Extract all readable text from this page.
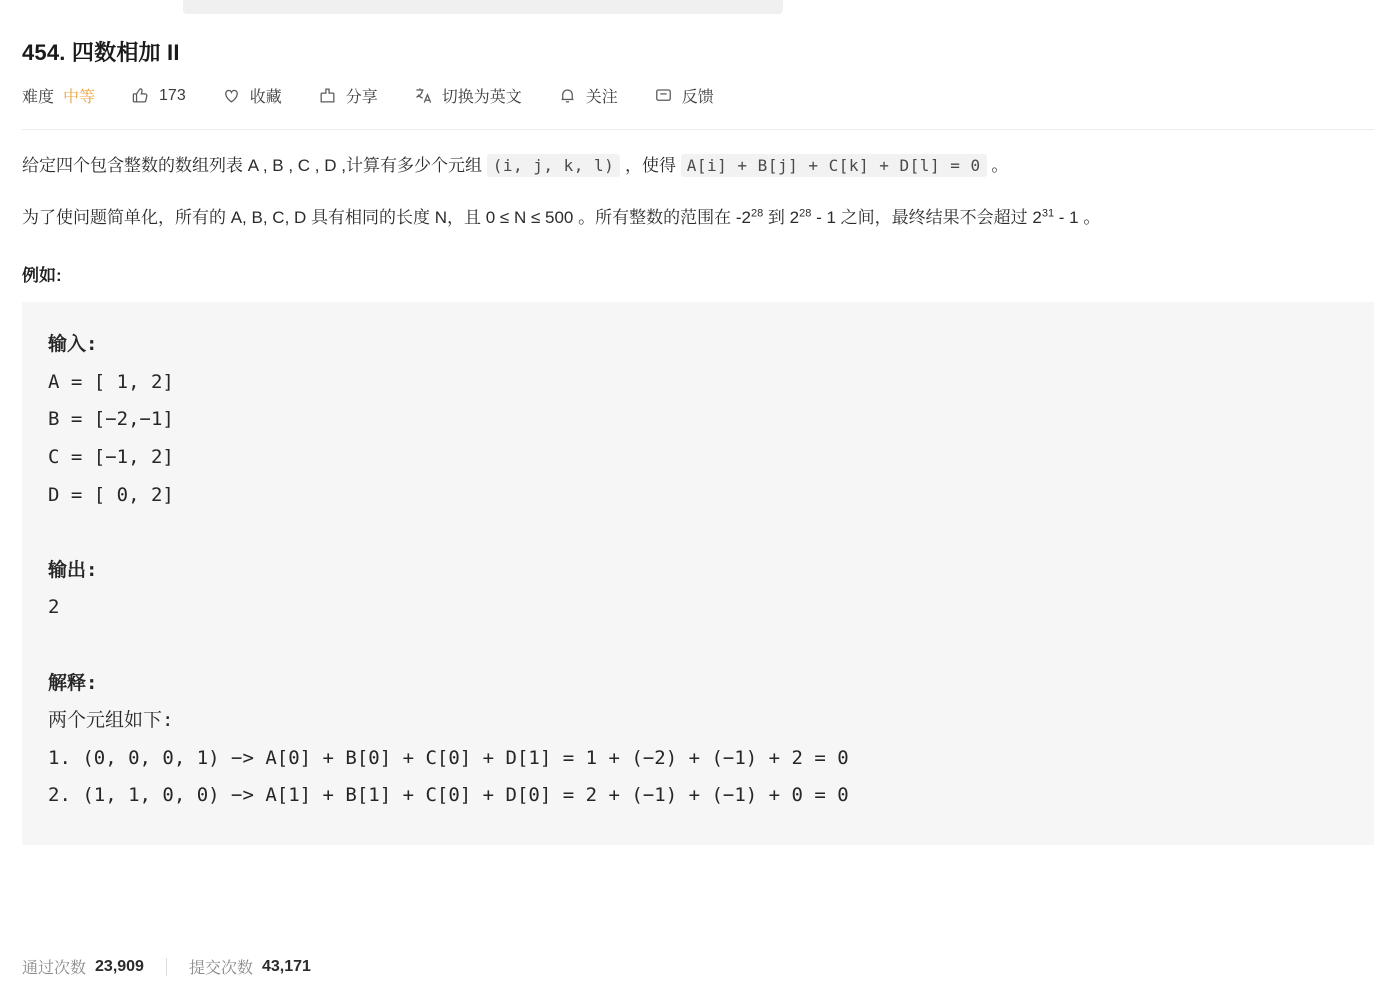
454. 四数相加 II
难度 中等	173	收藏	分享	切换为英文	关注	反馈

给定四个包含整数的数组列表 A , B , C , D ,计算有多少个元组 (i, j, k, l) ，使得 A[i] + B[j] + C[k] + D[l] = 0 。

为了使问题简单化，所有的 A, B, C, D 具有相同的长度 N，且 0 ≤ N ≤ 500 。所有整数的范围在 $-2^{28}$ 到 $2^{28} - 1$ 之间，最终结果不会超过 $2^{31} - 1$ 。

例如:
输入:
A = [ 1, 2]
B = [−2,−1]
C = [−1, 2]
D = [ 0, 2]

输出:
2

解释:
两个元组如下:
1. (0, 0, 0, 1) −> A[0] + B[0] + C[0] + D[1] = 1 + (−2) + (−1) + 2 = 0
2. (1, 1, 0, 0) −> A[1] + B[1] + C[0] + D[0] = 2 + (−1) + (−1) + 0 = 0
通过次数 23,909	提交次数 43,171
